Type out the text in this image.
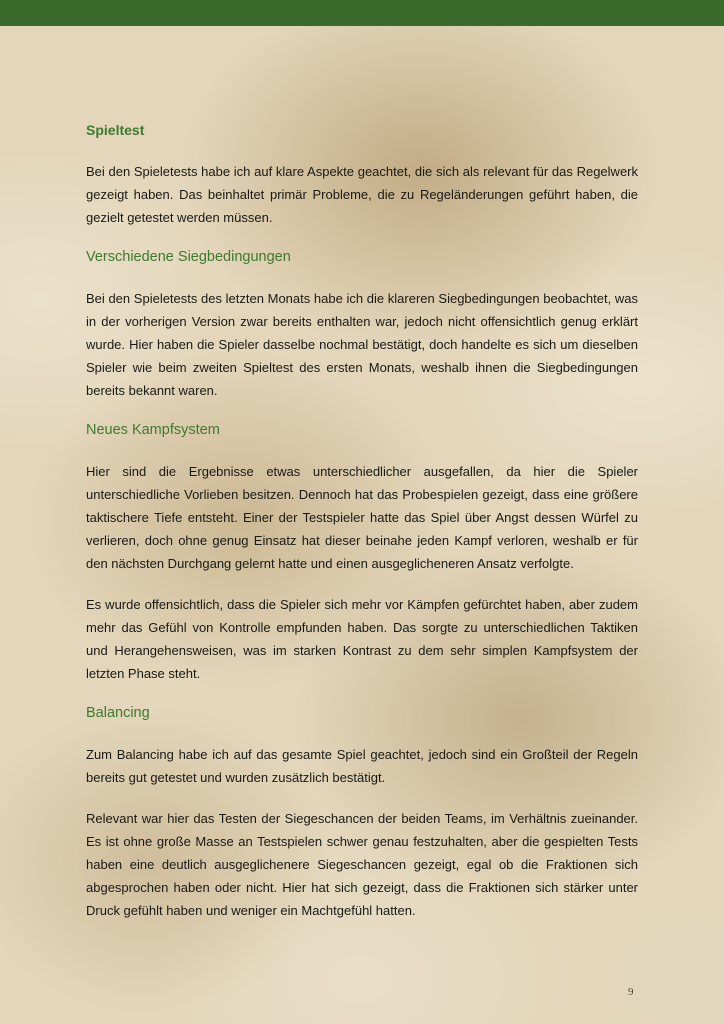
Spieltest

Bei den Spieletests habe ich auf klare Aspekte geachtet, die sich als relevant für das Regelwerk gezeigt haben. Das beinhaltet primär Probleme, die zu Regeländerungen geführt haben, die gezielt getestet werden müssen.

Verschiedene Siegbedingungen

Bei den Spieletests des letzten Monats habe ich die klareren Siegbedingungen beobachtet, was in der vorherigen Version zwar bereits enthalten war, jedoch nicht offensichtlich genug erklärt wurde. Hier haben die Spieler dasselbe nochmal bestätigt, doch handelte es sich um dieselben Spieler wie beim zweiten Spieltest des ersten Monats, weshalb ihnen die Siegbedingungen bereits bekannt waren.

Neues Kampfsystem

Hier sind die Ergebnisse etwas unterschiedlicher ausgefallen, da hier die Spieler unterschiedliche Vorlieben besitzen. Dennoch hat das Probespielen gezeigt, dass eine größere taktischere Tiefe entsteht. Einer der Testspieler hatte das Spiel über Angst dessen Würfel zu verlieren, doch ohne genug Einsatz hat dieser beinahe jeden Kampf verloren, weshalb er für den nächsten Durchgang gelernt hatte und einen ausgeglicheneren Ansatz verfolgte.

Es wurde offensichtlich, dass die Spieler sich mehr vor Kämpfen gefürchtet haben, aber zudem mehr das Gefühl von Kontrolle empfunden haben. Das sorgte zu unterschiedlichen Taktiken und Herangehensweisen, was im starken Kontrast zu dem sehr simplen Kampfsystem der letzten Phase steht.

Balancing

Zum Balancing habe ich auf das gesamte Spiel geachtet, jedoch sind ein Großteil der Regeln bereits gut getestet und wurden zusätzlich bestätigt.

Relevant war hier das Testen der Siegeschancen der beiden Teams, im Verhältnis zueinander. Es ist ohne große Masse an Testspielen schwer genau festzuhalten, aber die gespielten Tests haben eine deutlich ausgeglichenere Siegeschancen gezeigt, egal ob die Fraktionen sich abgesprochen haben oder nicht. Hier hat sich gezeigt, dass die Fraktionen sich stärker unter Druck gefühlt haben und weniger ein Machtgefühl hatten.

9
